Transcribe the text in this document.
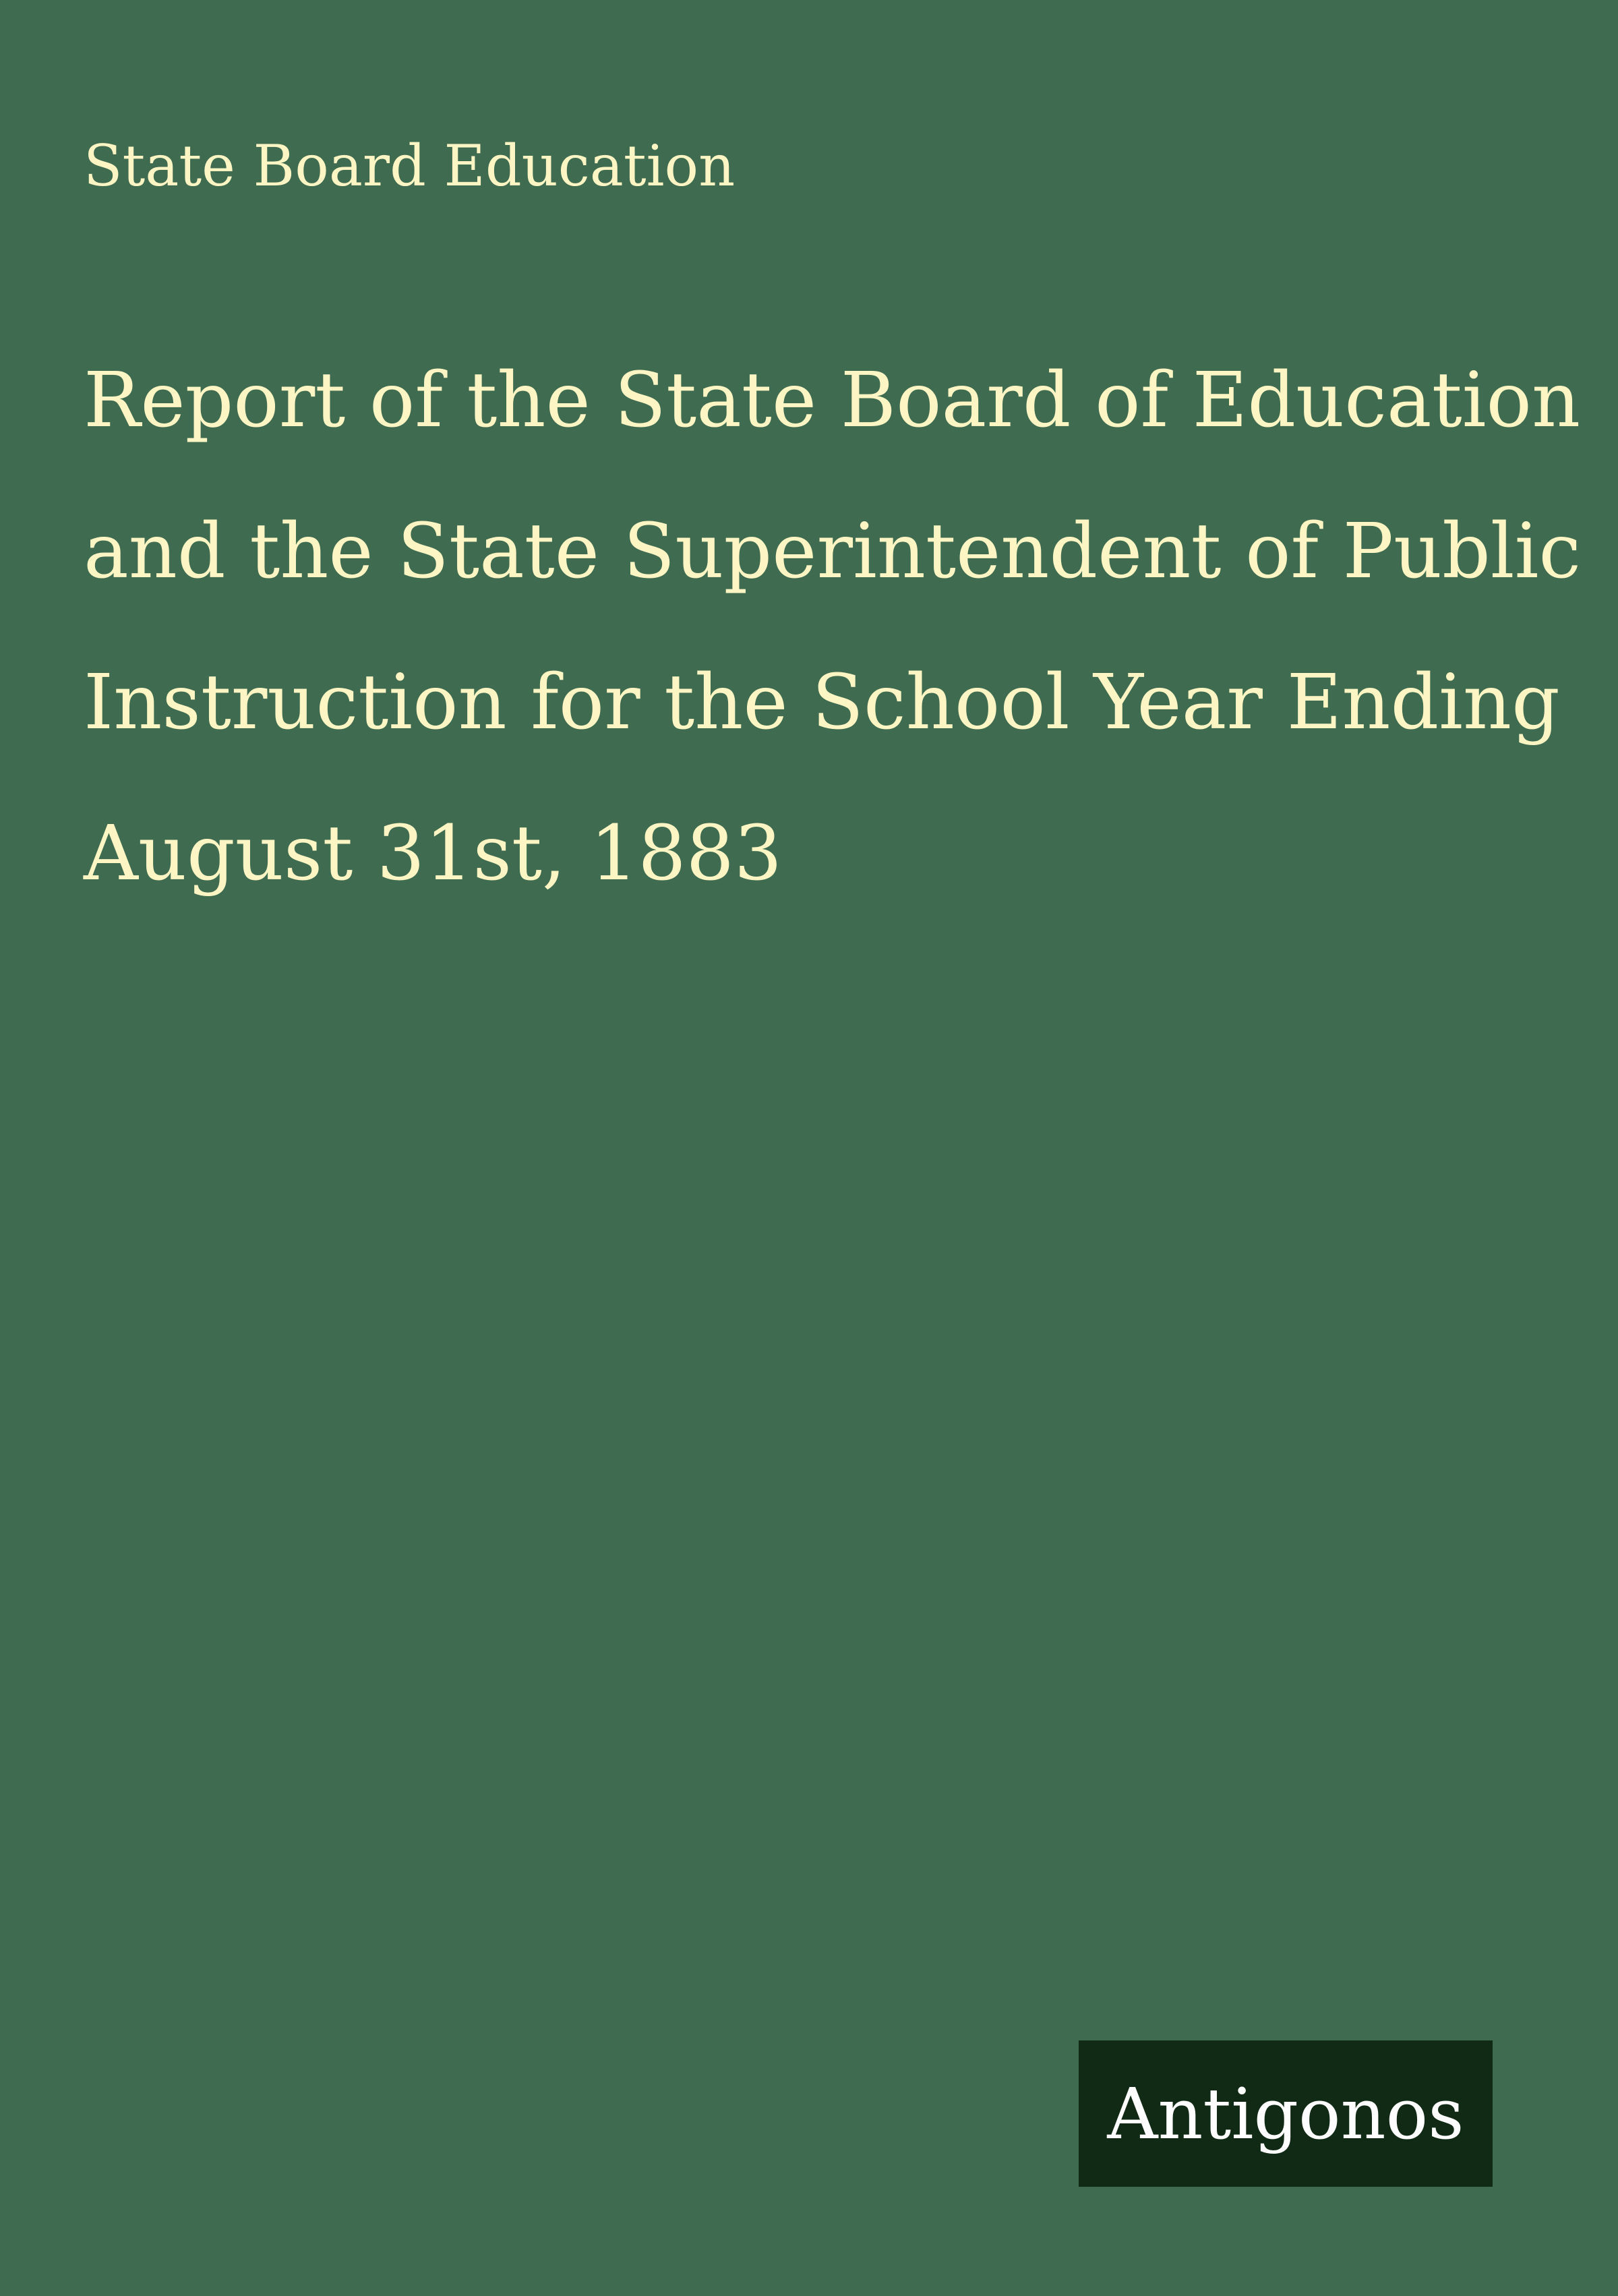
State Board Education
Report of the State Board of Education
and the State Superintendent of Public
Instruction for the School Year Ending
August 31st, 1883
Antigonos
